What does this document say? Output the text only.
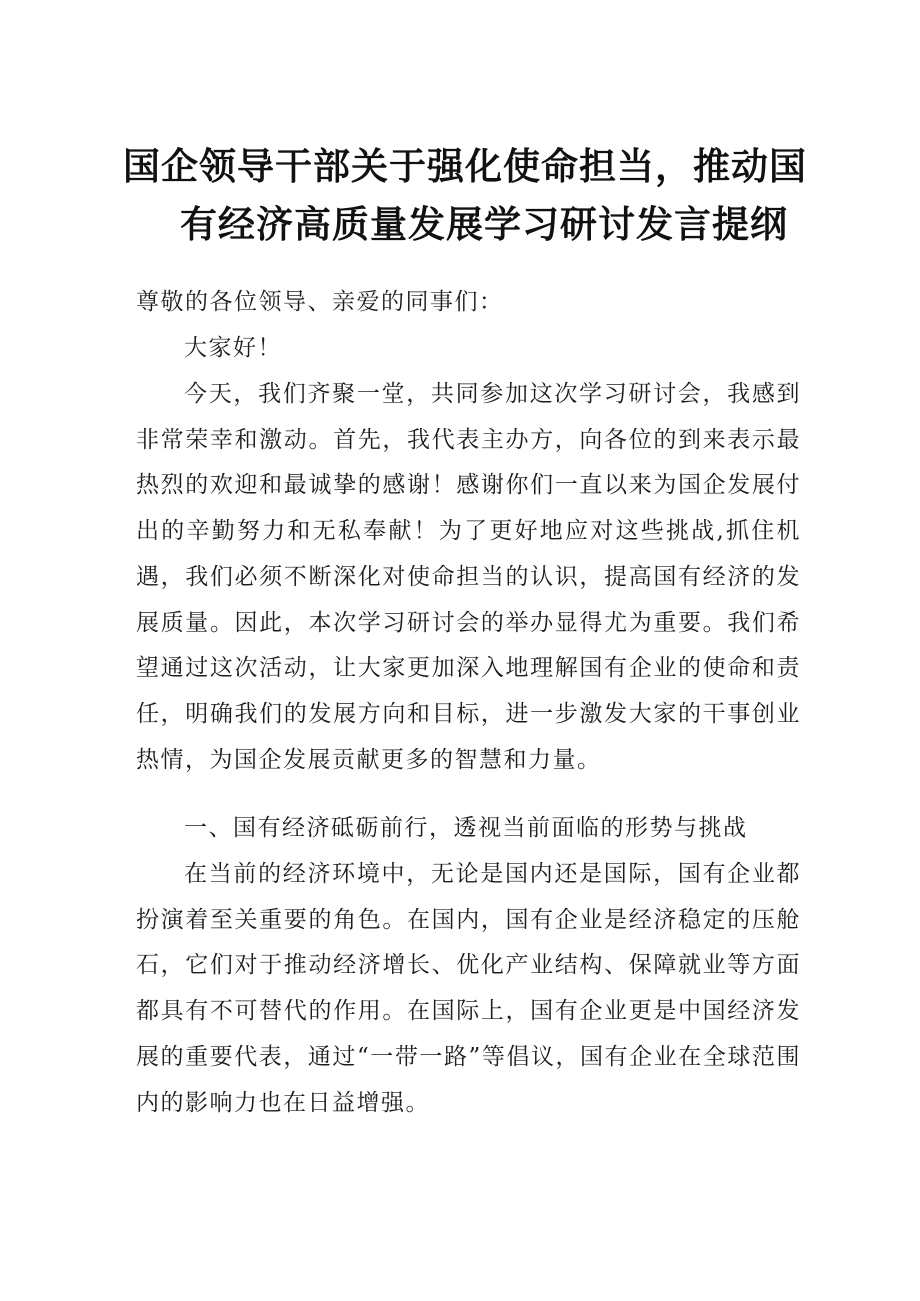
国企领导干部关于强化使命担当，推动国
有经济高质量发展学习研讨发言提纲

尊敬的各位领导、亲爱的同事们：

大家好！

今天，我们齐聚一堂，共同参加这次学习研讨会，我感到非常荣幸和激动。首先，我代表主办方，向各位的到来表示最热烈的欢迎和最诚挚的感谢！感谢你们一直以来为国企发展付出的辛勤努力和无私奉献！为了更好地应对这些挑战,抓住机遇，我们必须不断深化对使命担当的认识，提高国有经济的发展质量。因此，本次学习研讨会的举办显得尤为重要。我们希望通过这次活动，让大家更加深入地理解国有企业的使命和责任，明确我们的发展方向和目标，进一步激发大家的干事创业热情，为国企发展贡献更多的智慧和力量。

一、国有经济砥砺前行，透视当前面临的形势与挑战

在当前的经济环境中，无论是国内还是国际，国有企业都扮演着至关重要的角色。在国内，国有企业是经济稳定的压舱石，它们对于推动经济增长、优化产业结构、保障就业等方面都具有不可替代的作用。在国际上，国有企业更是中国经济发展的重要代表，通过“一带一路”等倡议，国有企业在全球范围内的影响力也在日益增强。
